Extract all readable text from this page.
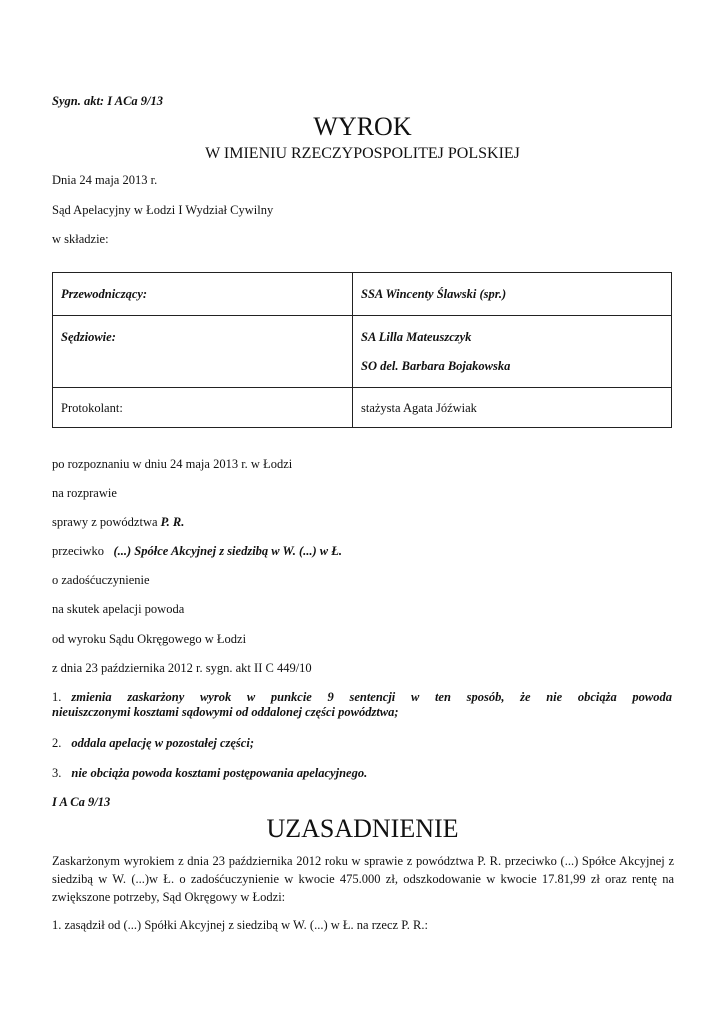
Sygn. akt: I ACa 9/13
WYROK
W IMIENIU RZECZYPOSPOLITEJ POLSKIEJ
Dnia 24 maja 2013 r.
Sąd Apelacyjny w Łodzi I Wydział Cywilny
w składzie:
Przewodniczący:	SSA Wincenty Ślawski (spr.)
Sędziowie:	SA Lilla Mateuszczyk
SO del. Barbara Bojakowska

Protokolant:	stażysta Agata Jóźwiak
po rozpoznaniu w dniu 24 maja 2013 r. w Łodzi
na rozprawie
sprawy z powództwa P. R.
przeciwko   (...) Spółce Akcyjnej z siedzibą w W. (...) w Ł.
o zadośćuczynienie
na skutek apelacji powoda
od wyroku Sądu Okręgowego w Łodzi
z dnia 23 października 2012 r. sygn. akt II C 449/10
1. zmienia zaskarżony wyrok w punkcie 9 sentencji w ten sposób, że nie obciąża powoda
nieuiszczonymi kosztami sądowymi od oddalonej części powództwa;
2. oddala apelację w pozostałej części;
3. nie obciąża powoda kosztami postępowania apelacyjnego.
I A Ca 9/13
UZASADNIENIE
Zaskarżonym wyrokiem z dnia 23 października 2012 roku w sprawie z powództwa P. R. przeciwko (...) Spółce Akcyjnej z siedzibą w W. (...)w Ł. o zadośćuczynienie w kwocie 475.000 zł, odszkodowanie w kwocie 17.81,99 zł oraz rentę na zwiększone potrzeby, Sąd Okręgowy w Łodzi:
1. zasądził od (...) Spółki Akcyjnej z siedzibą w W. (...) w Ł. na rzecz P. R.:
